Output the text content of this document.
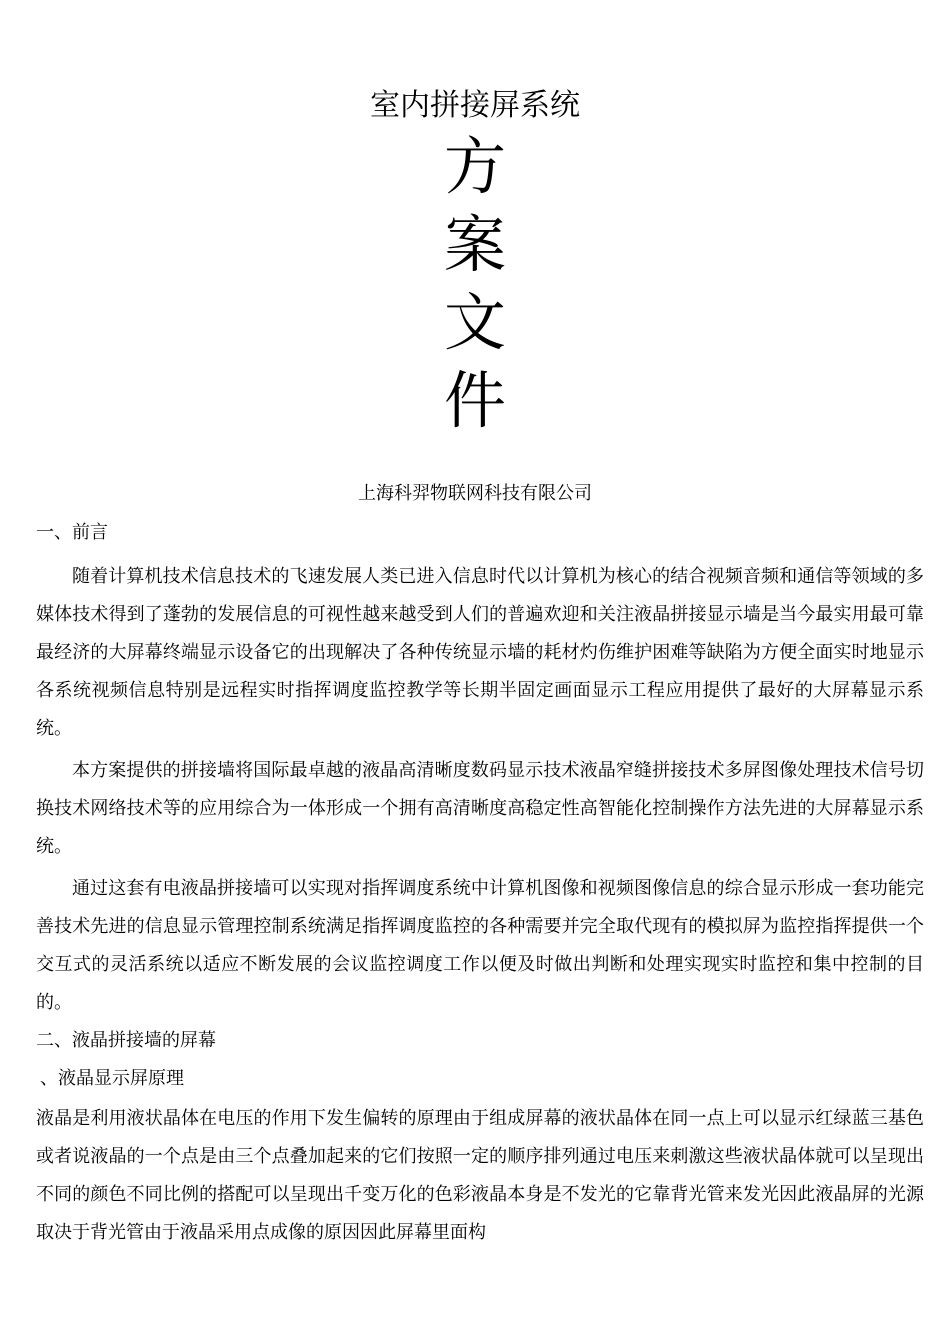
室内拼接屏系统
方
案
文
件
上海科羿物联网科技有限公司

一、前言

随着计算机技术信息技术的飞速发展人类已进入信息时代以计算机为核心的结合视频音频和通信等领域的多媒体技术得到了蓬勃的发展信息的可视性越来越受到人们的普遍欢迎和关注液晶拼接显示墙是当今最实用最可靠最经济的大屏幕终端显示设备它的出现解决了各种传统显示墙的耗材灼伤维护困难等缺陷为方便全面实时地显示各系统视频信息特别是远程实时指挥调度监控教学等长期半固定画面显示工程应用提供了最好的大屏幕显示系统。

本方案提供的拼接墙将国际最卓越的液晶高清晰度数码显示技术液晶窄缝拼接技术多屏图像处理技术信号切换技术网络技术等的应用综合为一体形成一个拥有高清晰度高稳定性高智能化控制操作方法先进的大屏幕显示系统。

通过这套有电液晶拼接墙可以实现对指挥调度系统中计算机图像和视频图像信息的综合显示形成一套功能完善技术先进的信息显示管理控制系统满足指挥调度监控的各种需要并完全取代现有的模拟屏为监控指挥提供一个交互式的灵活系统以适应不断发展的会议监控调度工作以便及时做出判断和处理实现实时监控和集中控制的目的。

二、液晶拼接墙的屏幕

、液晶显示屏原理

液晶是利用液状晶体在电压的作用下发生偏转的原理由于组成屏幕的液状晶体在同一点上可以显示红绿蓝三基色或者说液晶的一个点是由三个点叠加起来的它们按照一定的顺序排列通过电压来刺激这些液状晶体就可以呈现出不同的颜色不同比例的搭配可以呈现出千变万化的色彩液晶本身是不发光的它靠背光管来发光因此液晶屏的光源取决于背光管由于液晶采用点成像的原因因此屏幕里面构
